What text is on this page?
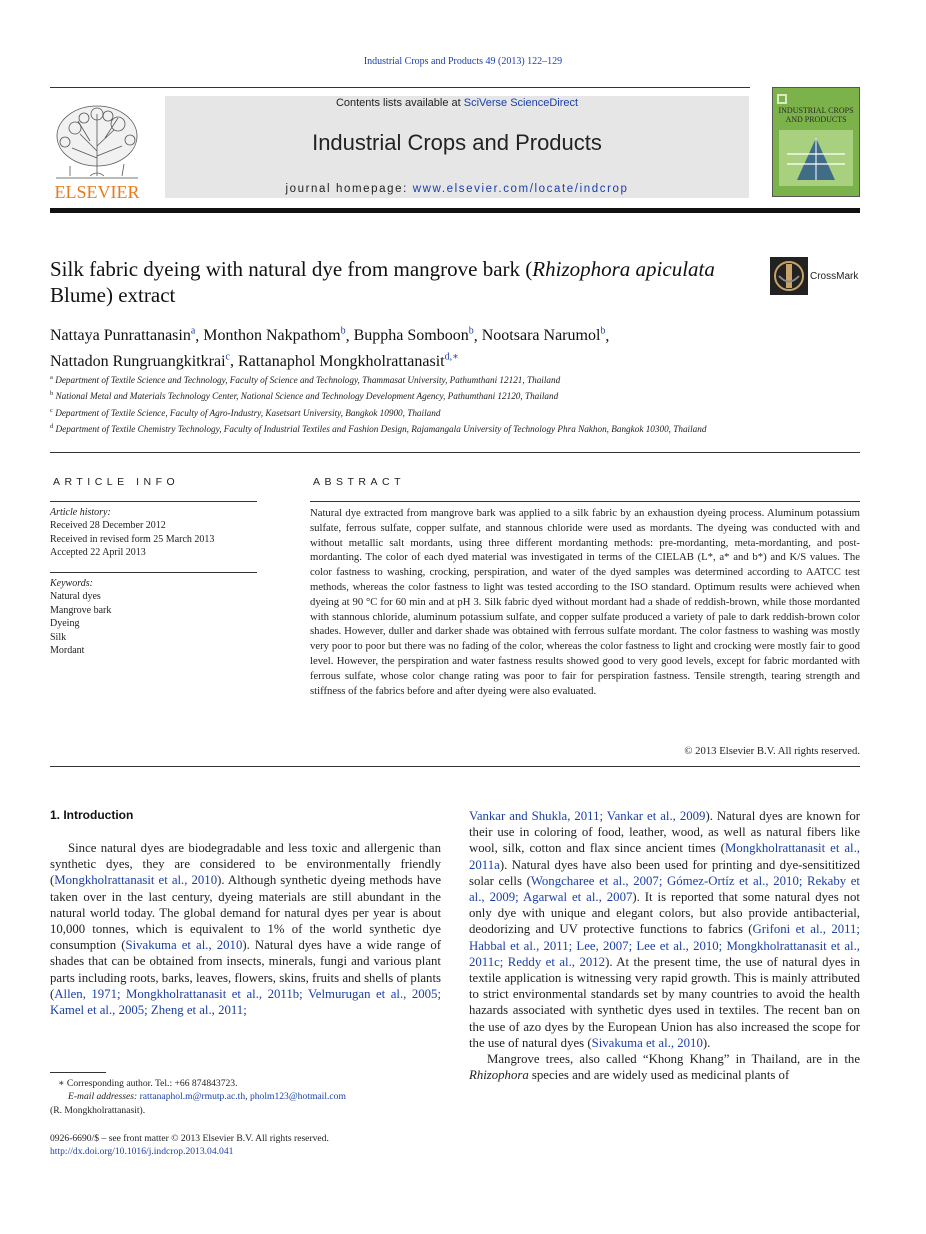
Industrial Crops and Products 49 (2013) 122–129
ELSEVIER
Contents lists available at SciVerse ScienceDirect
Industrial Crops and Products
journal homepage: www.elsevier.com/locate/indcrop
INDUSTRIAL CROPS AND PRODUCTS
Silk fabric dyeing with natural dye from mangrove bark (Rhizophora apiculata Blume) extract
CrossMark
Nattaya Punrattanasin$^a$, Monthon Nakpathom$^b$, Buppha Somboon$^b$, Nootsara Narumol$^b$,
Nattadon Rungruangkitkrai$^c$, Rattanaphol Mongkholrattanasit$^{d,∗}$
$^a$ Department of Textile Science and Technology, Faculty of Science and Technology, Thammasat University, Pathumthani 12121, Thailand
$^b$ National Metal and Materials Technology Center, National Science and Technology Development Agency, Pathumthani 12120, Thailand
$^c$ Department of Textile Science, Faculty of Agro-Industry, Kasetsart University, Bangkok 10900, Thailand
$^d$ Department of Textile Chemistry Technology, Faculty of Industrial Textiles and Fashion Design, Rajamangala University of Technology Phra Nakhon, Bangkok 10300, Thailand
ARTICLE INFO	ABSTRACT
Article history:
Received 28 December 2012
Received in revised form 25 March 2013
Accepted 22 April 2013
Keywords:
Natural dyes
Mangrove bark
Dyeing
Silk
Mordant
Natural dye extracted from mangrove bark was applied to a silk fabric by an exhaustion dyeing process. Aluminum potassium sulfate, ferrous sulfate, copper sulfate, and stannous chloride were used as mordants. The dyeing was conducted with and without metallic salt mordants, using three different mordanting methods: pre-mordanting, meta-mordanting, and post-mordanting. The color of each dyed material was investigated in terms of the CIELAB (L*, a* and b*) and K/S values. The color fastness to washing, crocking, perspiration, and water of the dyed samples was determined according to AATCC test methods, whereas the color fastness to light was tested according to the ISO standard. Optimum results were achieved when dyeing at 90 °C for 60 min and at pH 3. Silk fabric dyed without mordant had a shade of reddish-brown, while those mordanted with stannous chloride, aluminum potassium sulfate, and copper sulfate produced a variety of pale to dark reddish-brown color shades. However, duller and darker shade was obtained with ferrous sulfate mordant. The color fastness to washing was mostly very poor to poor but there was no fading of the color, whereas the color fastness to light and crocking were mostly fair to good level. However, the perspiration and water fastness results showed good to very good levels, except for fabric mordanted with ferrous sulfate, whose color change rating was poor to fair for perspiration fastness. Tensile strength, tearing strength and stiffness of the fabrics before and after dyeing were also evaluated.
© 2013 Elsevier B.V. All rights reserved.
1. Introduction
Since natural dyes are biodegradable and less toxic and allergenic than synthetic dyes, they are considered to be environmentally friendly (Mongkholrattanasit et al., 2010). Although synthetic dyeing methods have taken over in the last century, dyeing materials are still abundant in the natural world today. The global demand for natural dyes per year is about 10,000 tonnes, which is equivalent to 1% of the world synthetic dye consumption (Sivakuma et al., 2010). Natural dyes have a wide range of shades that can be obtained from insects, minerals, fungi and various plant parts including roots, barks, leaves, flowers, skins, fruits and shells of plants (Allen, 1971; Mongkholrattanasit et al., 2011b; Velmurugan et al., 2005; Kamel et al., 2005; Zheng et al., 2011;

Vankar and Shukla, 2011; Vankar et al., 2009). Natural dyes are known for their use in coloring of food, leather, wood, as well as natural fibers like wool, silk, cotton and flax since ancient times (Mongkholrattanasit et al., 2011a). Natural dyes have also been used for printing and dye-sensititized solar cells (Wongcharee et al., 2007; Gómez-Ortíz et al., 2010; Rekaby et al., 2009; Agarwal et al., 2007). It is reported that some natural dyes not only dye with unique and elegant colors, but also provide antibacterial, deodorizing and UV protective functions to fabrics (Grifoni et al., 2011; Habbal et al., 2011; Lee, 2007; Lee et al., 2010; Mongkholrattanasit et al., 2011c; Reddy et al., 2012). At the present time, the use of natural dyes in textile application is witnessing very rapid growth. This is mainly attributed to strict environmental standards set by many countries to avoid the health hazards associated with synthetic dyes used in textiles. The recent ban on the use of azo dyes by the European Union has also increased the scope for the use of natural dyes (Sivakuma et al., 2010).

Mangrove trees, also called “Khong Khang” in Thailand, are in the Rhizophora species and are widely used as medicinal plants of

∗ Corresponding author. Tel.: +66 874843723.
E-mail addresses: rattanaphol.m@rmutp.ac.th, pholm123@hotmail.com
(R. Mongkholrattanasit).
0926-6690/$ – see front matter © 2013 Elsevier B.V. All rights reserved.
http://dx.doi.org/10.1016/j.indcrop.2013.04.041
